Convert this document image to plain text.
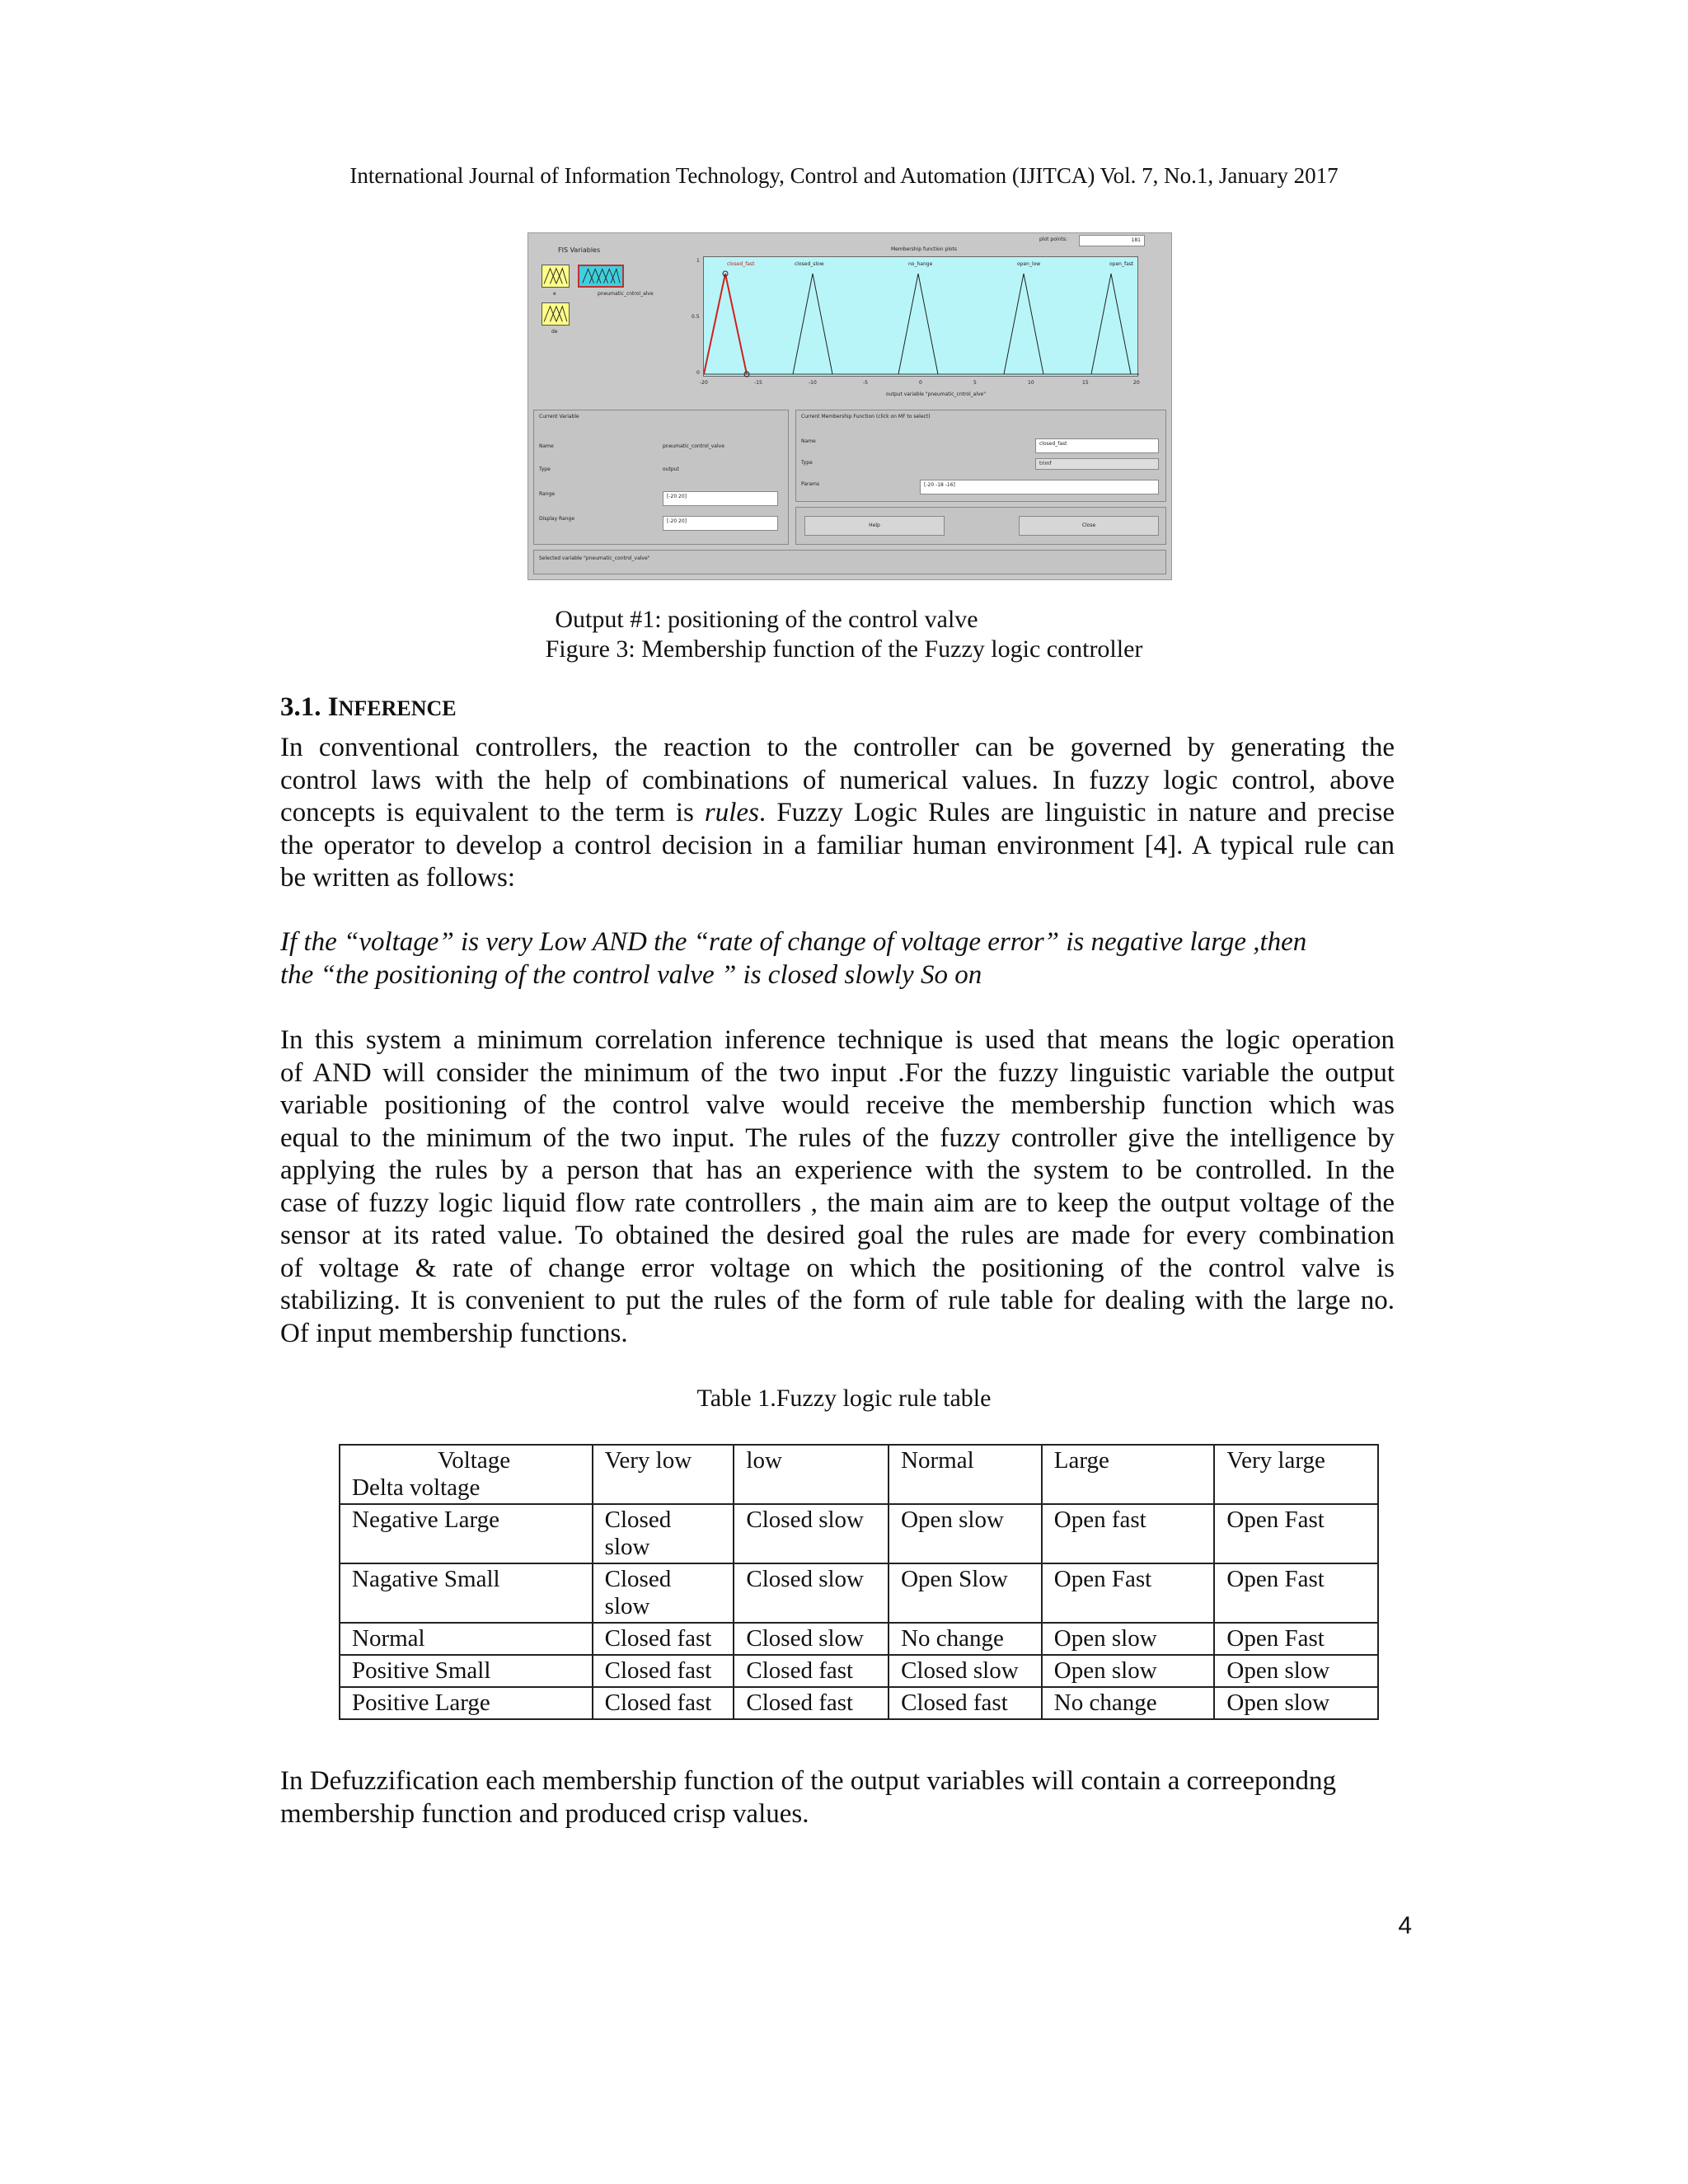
International Journal of Information Technology, Control and Automation (IJITCA) Vol. 7, No.1, January 2017
FIS Variables
e	pneumatic_cntrol_alve
de
Membership function plots
plot points:	181
closed_fast	closed_slow	no_hange	open_low	open_fast
1
0.5
0
-20	-15	-10	-5	0	5	10	15	20
output variable "pneumatic_cntrol_alve"
Current Variable
Name	pneumatic_control_valve
Type	output
Range	[-20 20]
Display Range	[-20 20]
Current Membership Function (click on MF to select)
Name	closed_fast
Type	trimf
Params	[-20 -18 -16]
Help	Close
Selected variable "pneumatic_control_valve"
Output #1: positioning of the control valve
Figure 3: Membership function of the Fuzzy logic controller
3.1. INFERENCE
In conventional controllers, the reaction to the controller can be governed by generating the
control laws with the help of combinations of numerical values. In fuzzy logic control, above
concepts is equivalent to the term is rules. Fuzzy Logic Rules are linguistic in nature and precise
the operator to develop a control decision in a familiar human environment [4]. A typical rule can
be written as follows:
If the “voltage” is very Low AND the “rate of change of voltage error” is negative large ,then
the “the positioning of the control valve ” is closed slowly So on
In this system a minimum correlation inference technique is used that means the logic operation
of AND will consider the minimum of the two input .For the fuzzy linguistic variable the output
variable positioning of the control valve would receive the membership function which was
equal to the minimum of the two input. The rules of the fuzzy controller give the intelligence by
applying the rules by a person that has an experience with the system to be controlled. In the
case of fuzzy logic liquid flow rate controllers , the main aim are to keep the output voltage of the
sensor at its rated value. To obtained the desired goal the rules are made for every combination
of voltage & rate of change error voltage on which the positioning of the control valve is
stabilizing. It is convenient to put the rules of the form of rule table for dealing with the large no.
Of input membership functions.
Table 1.Fuzzy logic rule table
Voltage
Delta voltage	Very low	low	Normal	Large	Very large
Negative Large	Closed slow	Closed slow	Open slow	Open fast	Open Fast
Nagative Small	Closed slow	Closed slow	Open Slow	Open Fast	Open Fast
Normal	Closed fast	Closed slow	No change	Open slow	Open Fast
Positive Small	Closed fast	Closed fast	Closed slow	Open slow	Open slow
Positive Large	Closed fast	Closed fast	Closed fast	No change	Open slow
In Defuzzification each membership function of the output variables will contain a correepondng
membership function and produced crisp values.
4
